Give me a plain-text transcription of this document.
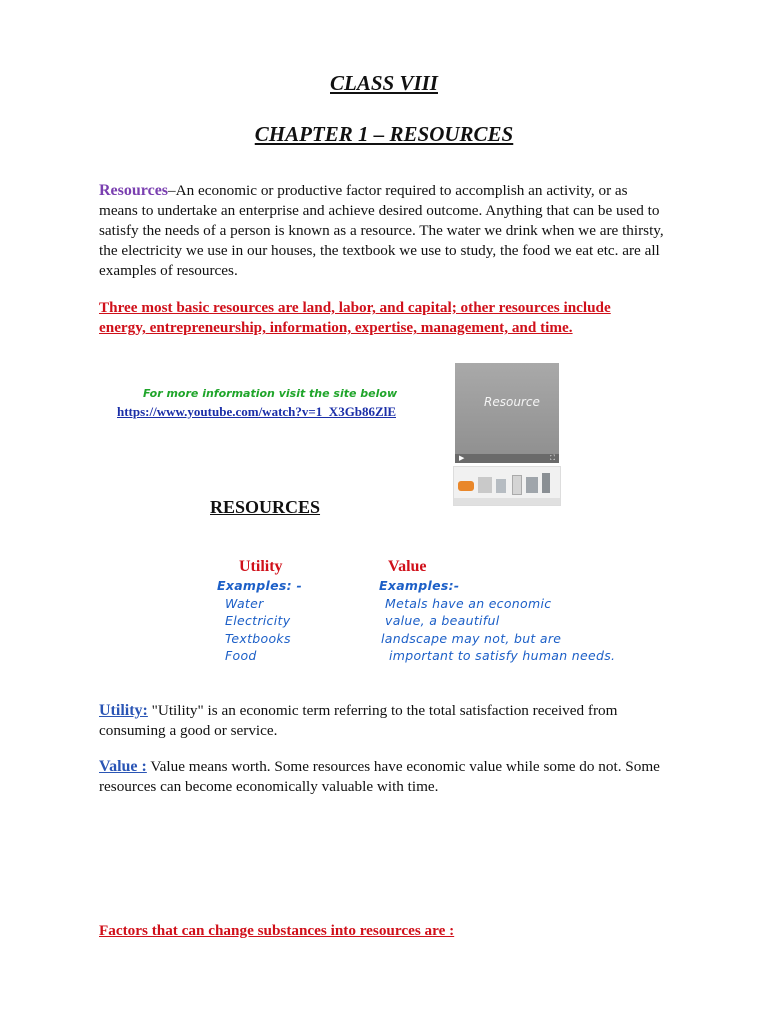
CLASS VIII
CHAPTER 1 – RESOURCES
Resources–An economic or productive factor required to accomplish an activity, or as means to undertake an enterprise and achieve desired outcome. Anything that can be used to satisfy the needs of a person is known as a resource. The water we drink when we are thirsty, the electricity we use in our houses, the textbook we use to study, the food we eat etc. are all examples of resources.
Three most basic resources are land, labor, and capital; other resources include
energy, entrepreneurship, information, expertise, management, and time.
For more information visit the site below
https://www.youtube.com/watch?v=1_X3Gb86ZlE
Resource
▶	⛶
RESOURCES
Utility
Examples: -
Water
Electricity
Textbooks
Food
Value
Examples:-
Metals have an economic
value, a beautiful
landscape may not, but are
important to satisfy human needs.
Utility: "Utility" is an economic term referring to the total satisfaction received from consuming a good or service.
Value : Value means worth. Some resources have economic value while some do not. Some resources can become economically valuable with time.
Factors that can change substances into resources are :
